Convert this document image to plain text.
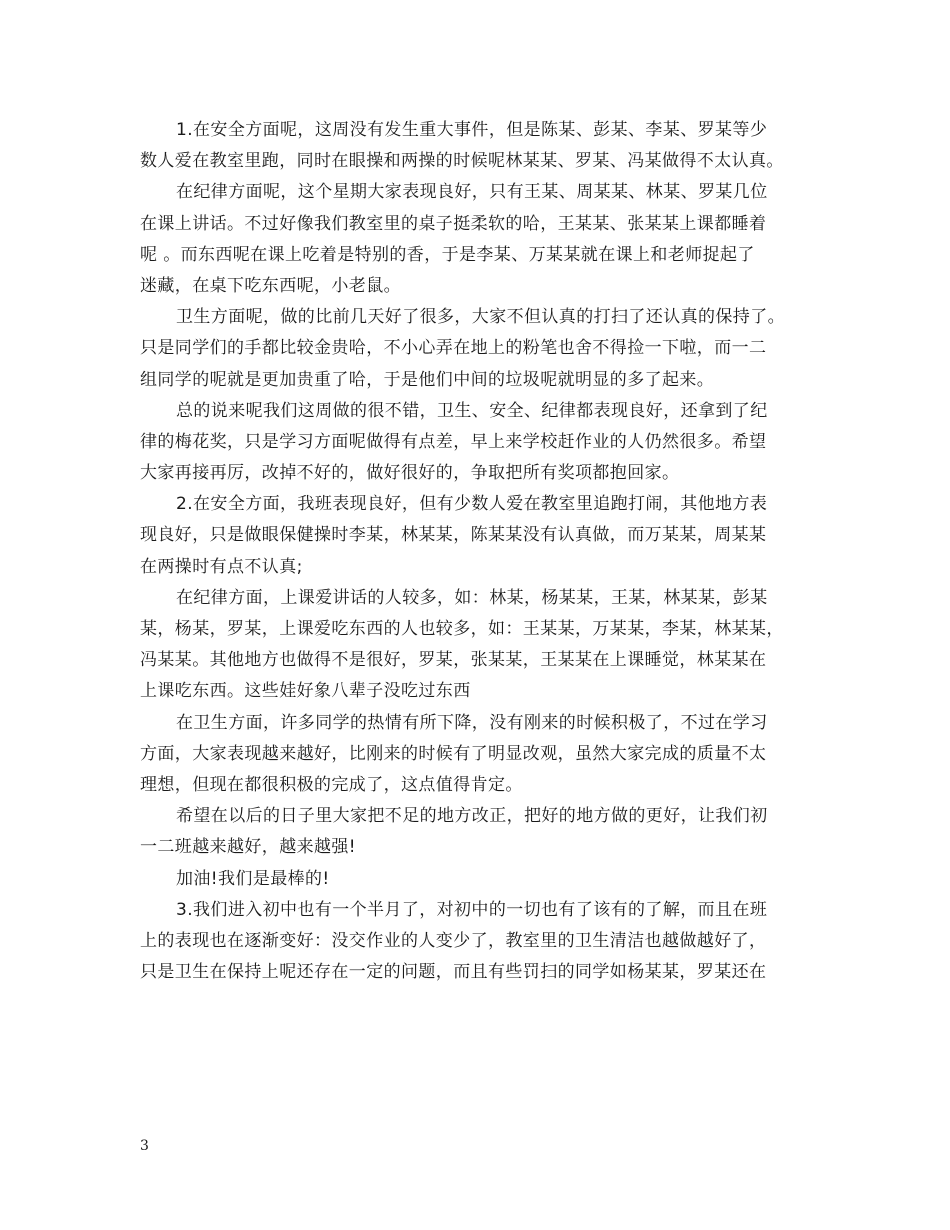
1.在安全方面呢，这周没有发生重大事件，但是陈某、彭某、李某、罗某等少
数人爱在教室里跑，同时在眼操和两操的时候呢林某某、罗某、冯某做得不太认真。
在纪律方面呢，这个星期大家表现良好，只有王某、周某某、林某、罗某几位
在课上讲话。不过好像我们教室里的桌子挺柔软的哈，王某某、张某某上课都睡着
呢 。而东西呢在课上吃着是特别的香，于是李某、万某某就在课上和老师捉起了
迷藏，在桌下吃东西呢，小老鼠。
卫生方面呢，做的比前几天好了很多，大家不但认真的打扫了还认真的保持了。
只是同学们的手都比较金贵哈，不小心弄在地上的粉笔也舍不得捡一下啦，而一二
组同学的呢就是更加贵重了哈，于是他们中间的垃圾呢就明显的多了起来。
总的说来呢我们这周做的很不错，卫生、安全、纪律都表现良好，还拿到了纪
律的梅花奖，只是学习方面呢做得有点差，早上来学校赶作业的人仍然很多。希望
大家再接再厉，改掉不好的，做好很好的，争取把所有奖项都抱回家。
2.在安全方面，我班表现良好，但有少数人爱在教室里追跑打闹，其他地方表
现良好，只是做眼保健操时李某，林某某，陈某某没有认真做，而万某某，周某某
在两操时有点不认真;
在纪律方面，上课爱讲话的人较多，如：林某，杨某某，王某，林某某，彭某
某，杨某，罗某，上课爱吃东西的人也较多，如：王某某，万某某，李某，林某某，
冯某某。其他地方也做得不是很好，罗某，张某某，王某某在上课睡觉，林某某在
上课吃东西。这些娃好象八辈子没吃过东西
在卫生方面，许多同学的热情有所下降，没有刚来的时候积极了，不过在学习
方面，大家表现越来越好，比刚来的时候有了明显改观，虽然大家完成的质量不太
理想，但现在都很积极的完成了，这点值得肯定。
希望在以后的日子里大家把不足的地方改正，把好的地方做的更好，让我们初
一二班越来越好，越来越强!
加油!我们是最棒的!
3.我们进入初中也有一个半月了，对初中的一切也有了该有的了解，而且在班
上的表现也在逐渐变好：没交作业的人变少了，教室里的卫生清洁也越做越好了，
只是卫生在保持上呢还存在一定的问题，而且有些罚扫的同学如杨某某，罗某还在
3
